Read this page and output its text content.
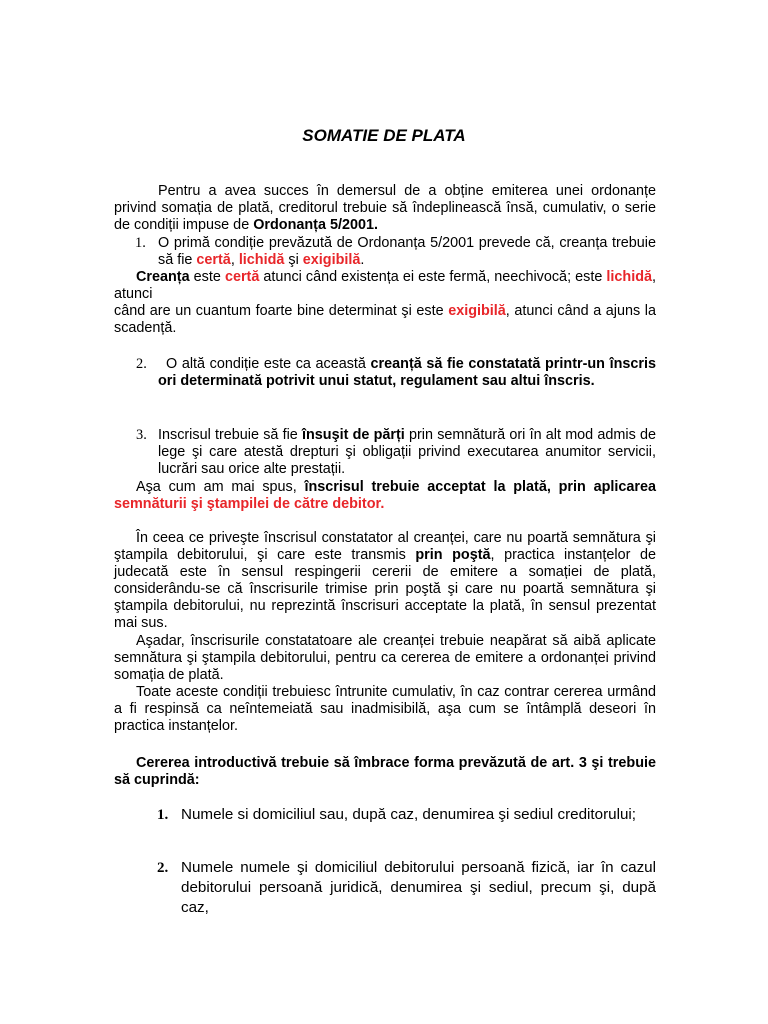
SOMATIE DE PLATA

Pentru a avea succes în demersul de a obține emiterea unei ordonanțe privind somația de plată, creditorul trebuie să îndeplinească însă, cumulativ, o serie de condiții impuse de Ordonanța 5/2001.

1. O primă condiție prevăzută de Ordonanța 5/2001 prevede că, creanța trebuie să fie certă, lichidă şi exigibilă.

Creanța este certă atunci când existența ei este fermă, neechivocă; este lichidă, atunci
când are un cuantum foarte bine determinat şi este exigibilă, atunci când a ajuns la scadență.

2.	O altă condiție este ca această creanță să fie constatată printr-un înscris ori determinată potrivit unui statut, regulament sau altui înscris.

3. Inscrisul trebuie să fie însuşit de părți prin semnătură ori în alt mod admis de lege şi care atestă drepturi şi obligații privind executarea anumitor servicii, lucrări sau orice alte prestații.

Aşa cum am mai spus, înscrisul trebuie acceptat la plată, prin aplicarea semnăturii şi ştampilei de către debitor.

În ceea ce priveşte înscrisul constatator al creanței, care nu poartă semnătura şi ştampila debitorului, şi care este transmis prin poştă, practica instanțelor de judecată este în sensul respingerii cererii de emitere a somației de plată, considerându-se că înscrisurile trimise prin poştă şi care nu poartă semnătura şi ştampila debitorului, nu reprezintă înscrisuri acceptate la plată, în sensul prezentat mai sus.

Aşadar, înscrisurile constatatoare ale creanței trebuie neapărat să aibă aplicate semnătura şi ştampila debitorului, pentru ca cererea de emitere a ordonanței privind somația de plată.

Toate aceste condiții trebuiesc întrunite cumulativ, în caz contrar cererea urmând a fi respinsă ca neîntemeiată sau inadmisibilă, aşa cum se întâmplă deseori în practica instanțelor.

Cererea introductivă trebuie să îmbrace forma prevăzută de art. 3 şi trebuie să cuprindă:

1. Numele si domiciliul sau, după caz, denumirea şi sediul creditorului;

2. Numele numele şi domiciliul debitorului persoană fizică, iar în cazul debitorului persoană juridică, denumirea şi sediul, precum şi, după caz,
